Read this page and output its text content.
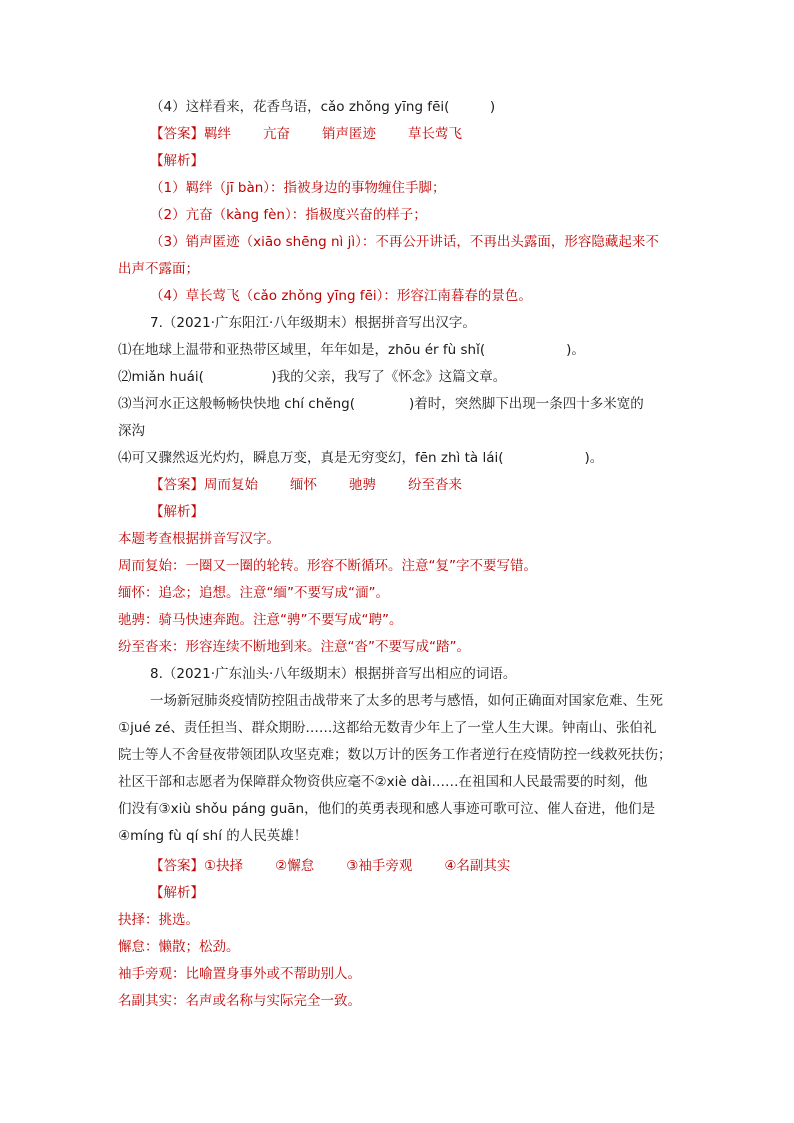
（4）这样看来，花香鸟语，cǎo zhǒng yīng fēi(　　　)
【答案】羁绊 亢奋 销声匿迹 草长莺飞
【解析】
（1）羁绊（jī bàn）：指被身边的事物缠住手脚；
（2）亢奋（kàng fèn）：指极度兴奋的样子；
（3）销声匿迹（xiāo shēng nì jì）：不再公开讲话，不再出头露面，形容隐藏起来不
出声不露面；
（4）草长莺飞（cǎo zhǒng yīng fēi）：形容江南暮春的景色。
7.（2021·广东阳江·八年级期末）根据拼音写出汉字。
⑴在地球上温带和亚热带区域里，年年如是，zhōu ér fù shǐ(　　　　　　)。
⑵miǎn huái(　　　　　)我的父亲，我写了《怀念》这篇文章。
⑶当河水正这般畅畅快快地 chí chěng(　　　　)着时，突然脚下出现一条四十多米宽的
深沟
⑷可又骤然返光灼灼，瞬息万变，真是无穷变幻，fēn zhì tà lái(　　　　　　)。
【答案】周而复始 缅怀 驰骋 纷至沓来
【解析】
本题考查根据拼音写汉字。
周而复始：一圈又一圈的轮转。形容不断循环。注意“复”字不要写错。
缅怀：追念；追想。注意“缅”不要写成“湎”。
驰骋：骑马快速奔跑。注意“骋”不要写成“聘”。
纷至沓来：形容连续不断地到来。注意“沓”不要写成“踏”。
8.（2021·广东汕头·八年级期末）根据拼音写出相应的词语。
一场新冠肺炎疫情防控阻击战带来了太多的思考与感悟，如何正确面对国家危难、生死
①jué zé、责任担当、群众期盼……这都给无数青少年上了一堂人生大课。钟南山、张伯礼
院士等人不舍昼夜带领团队攻坚克难；数以万计的医务工作者逆行在疫情防控一线救死扶伤；
社区干部和志愿者为保障群众物资供应毫不②xiè dài……在祖国和人民最需要的时刻，他
们没有③xiù shǒu páng guān，他们的英勇表现和感人事迹可歌可泣、催人奋进，他们是
④míng fù qí shí 的人民英雄！
【答案】①抉择 ②懈怠 ③袖手旁观 ④名副其实
【解析】
抉择：挑选。
懈怠：懒散；松劲。
袖手旁观：比喻置身事外或不帮助别人。
名副其实：名声或名称与实际完全一致。
